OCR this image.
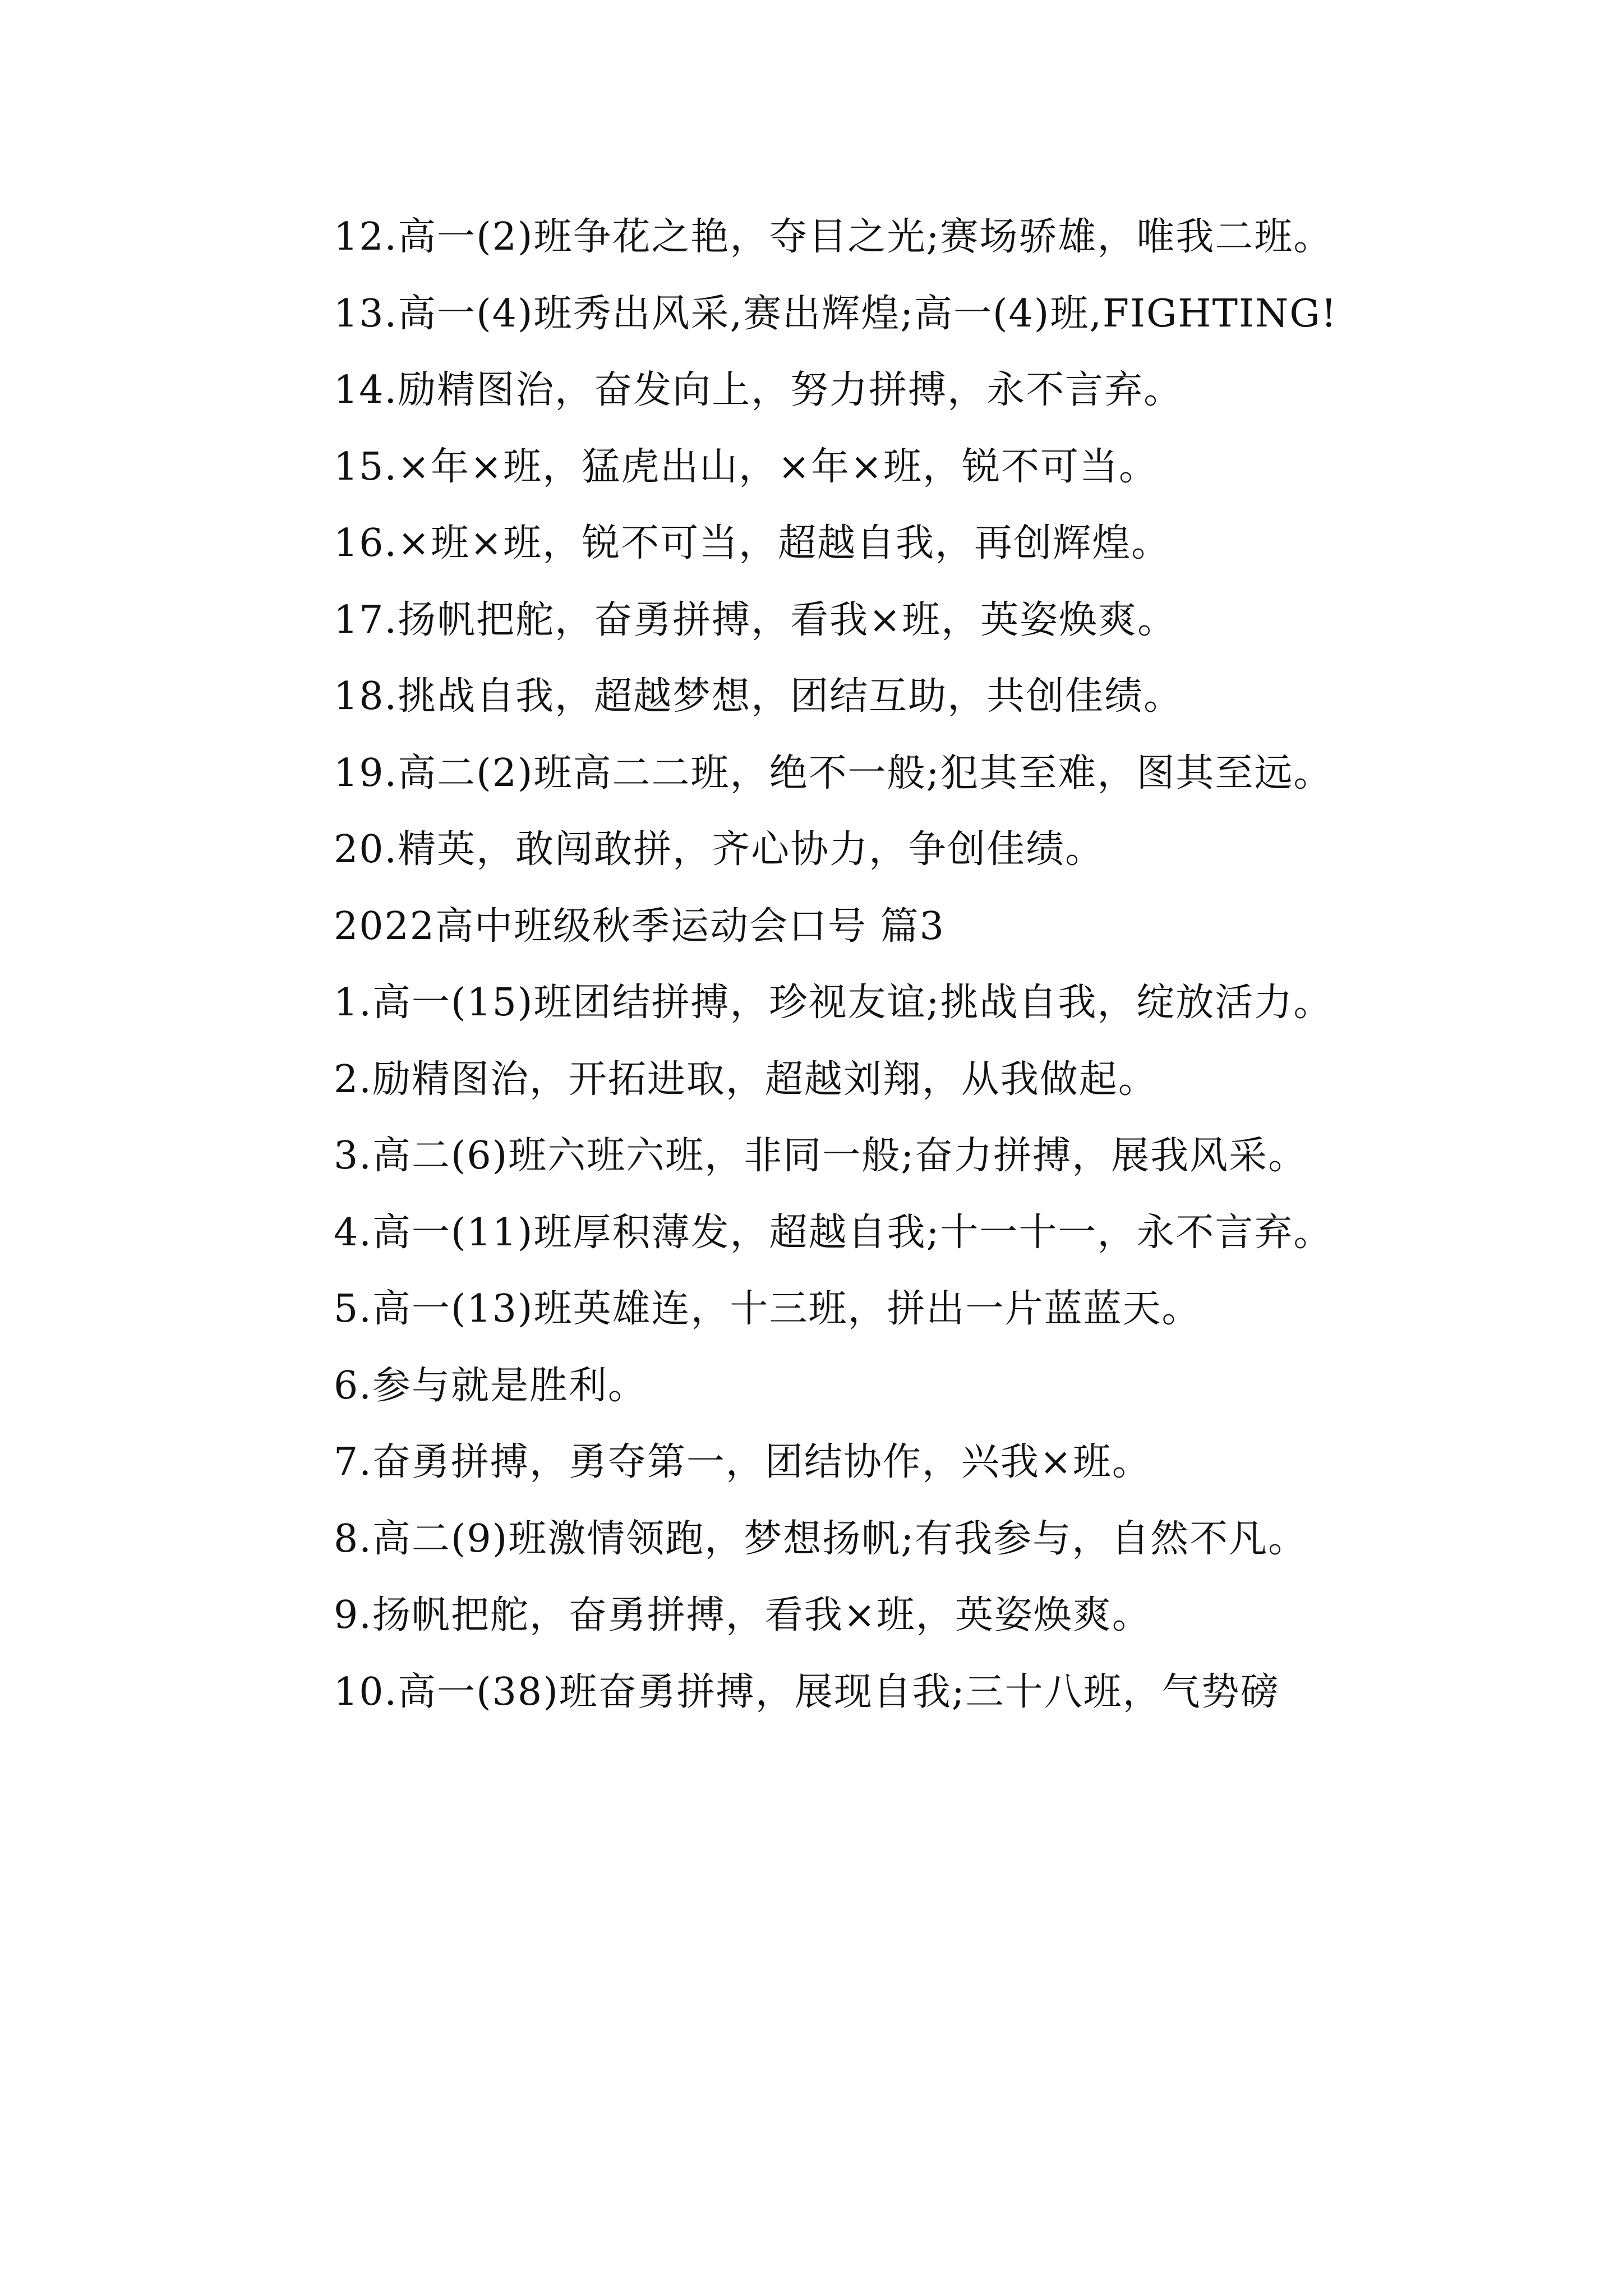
12.高一(2)班争花之艳，夺目之光;赛场骄雄，唯我二班。

13.高一(4)班秀出风采,赛出辉煌;高一(4)班,FIGHTING!

14.励精图治，奋发向上，努力拼搏，永不言弃。

15.×年×班，猛虎出山，×年×班，锐不可当。

16.×班×班，锐不可当，超越自我，再创辉煌。

17.扬帆把舵，奋勇拼搏，看我×班，英姿焕爽。

18.挑战自我，超越梦想，团结互助，共创佳绩。

19.高二(2)班高二二班，绝不一般;犯其至难，图其至远。

20.精英，敢闯敢拼，齐心协力，争创佳绩。

2022高中班级秋季运动会口号 篇3

1.高一(15)班团结拼搏，珍视友谊;挑战自我，绽放活力。

2.励精图治，开拓进取，超越刘翔，从我做起。

3.高二(6)班六班六班，非同一般;奋力拼搏，展我风采。

4.高一(11)班厚积薄发，超越自我;十一十一，永不言弃。

5.高一(13)班英雄连，十三班，拼出一片蓝蓝天。

6.参与就是胜利。

7.奋勇拼搏，勇夺第一，团结协作，兴我×班。

8.高二(9)班激情领跑，梦想扬帆;有我参与，自然不凡。

9.扬帆把舵，奋勇拼搏，看我×班，英姿焕爽。

10.高一(38)班奋勇拼搏，展现自我;三十八班，气势磅
